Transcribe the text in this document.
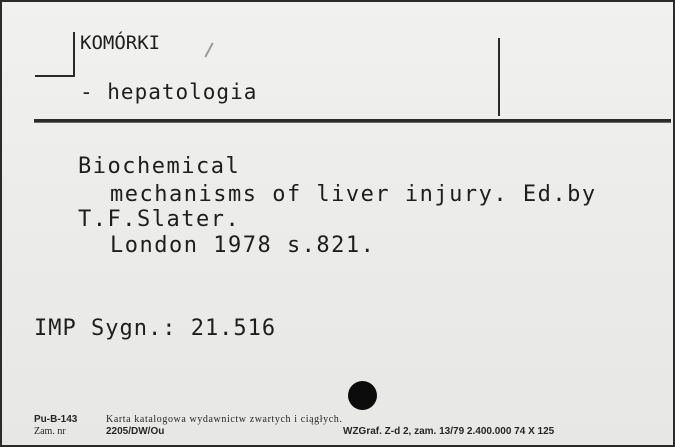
KOMÓRKI
- hepatologia
Biochemical
mechanisms of liver injury. Ed.by
T.F.Slater.
London 1978 s.821.
IMP Sygn.: 21.516
Pu-B-143	Karta katalogowa wydawnictw zwartych i ciągłych.
Zam. nr	2205/DW/Ou	WZGraf. Z-d 2, zam. 13/79 2.400.000 74 X 125
